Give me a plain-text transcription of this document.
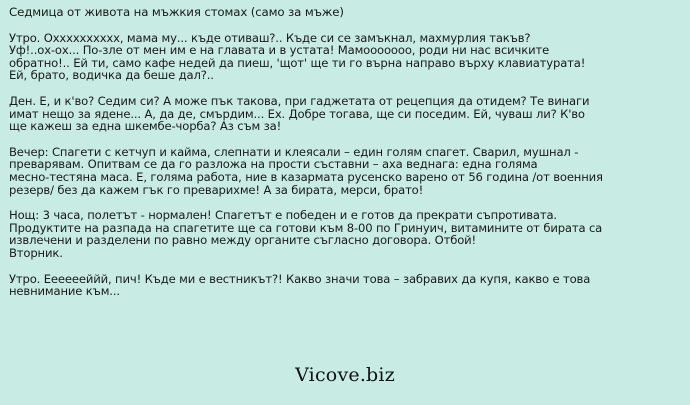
Седмица от живота на мъжкия стомах (само за мъже)
Утро. Охххххххххх, мама му... къде отиваш?.. Къде си се замъкнал, махмурлия такъв?
Уф!..ох-ох... По-зле от мен им е на главата и в устата! Мамооооооо, роди ни нас всичките
обратно!.. Ей ти, само кафе недей да пиеш, 'щот' ще ти го върна направо върху клавиатурата!
Ей, брато, водичка да беше дал?..
Ден. Е, и к'во? Седим си? А може пък такова, при гаджетата от рецепция да отидем? Те винаги
имат нещо за ядене... А, да де, смърдим... Ех. Добре тогава, ще си поседим. Ей, чуваш ли? К'во
ще кажеш за една шкембе-чорба? Аз съм за!
Вечер: Спагети с кетчуп и кайма, слепнати и клеясали – един голям спагет. Сварил, мушнал -
преварявам. Опитвам се да го разложа на прости съставни – аха веднага: една голяма
месно-тестяна маса. Е, голяма работа, ние в казармата русенско варено от 56 година /от военния
резерв/ без да кажем гък го преварихме! А за бирата, мерси, брато!
Нощ: 3 часа, полетът - нормален! Спагетът е победен и е готов да прекрати съпротивата.
Продуктите на разпада на спагетите ще са готови към 8-00 по Гринуич, витамините от бирата са
извлечени и разделени по равно между органите съгласно договора. Отбой!
Вторник.
Утро. Ееееееййй, пич! Къде ми е вестникът?! Какво значи това – забравих да купя, какво е това
невнимание към...
Vicove.biz
